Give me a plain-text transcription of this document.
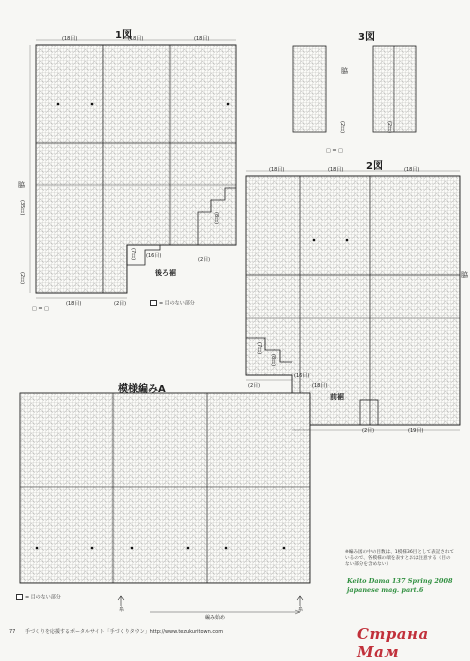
1図
(18目)	(18目)	(18目)
脇
(35目)
(2目)
(18目)	(2目)
(7目)
(8目)
(16目)
(2目)
後ろ裾
= 目のない部分
□ = □
3図
脇
(2目)	(2目)
□ = □
2図
(18目)	(18目)	(18目)
脇
(7目)
(8目)
(16目)
(2目)	(18目)
(2目)	(19目)
前裾
模様編みA
= 目のない部分
糸	糸
編み始め
※編み図の中の目数は、1模様36目として表記されているので、各模様の端を表すとおは注意する（目のない部分を含めない）
Keito Dama 137 Spring 2008
japanese mag. part.6
77 手づくりを応援するポータルサイト「手づくりタウン」http://www.tezukuritown.com	Страна Мам
